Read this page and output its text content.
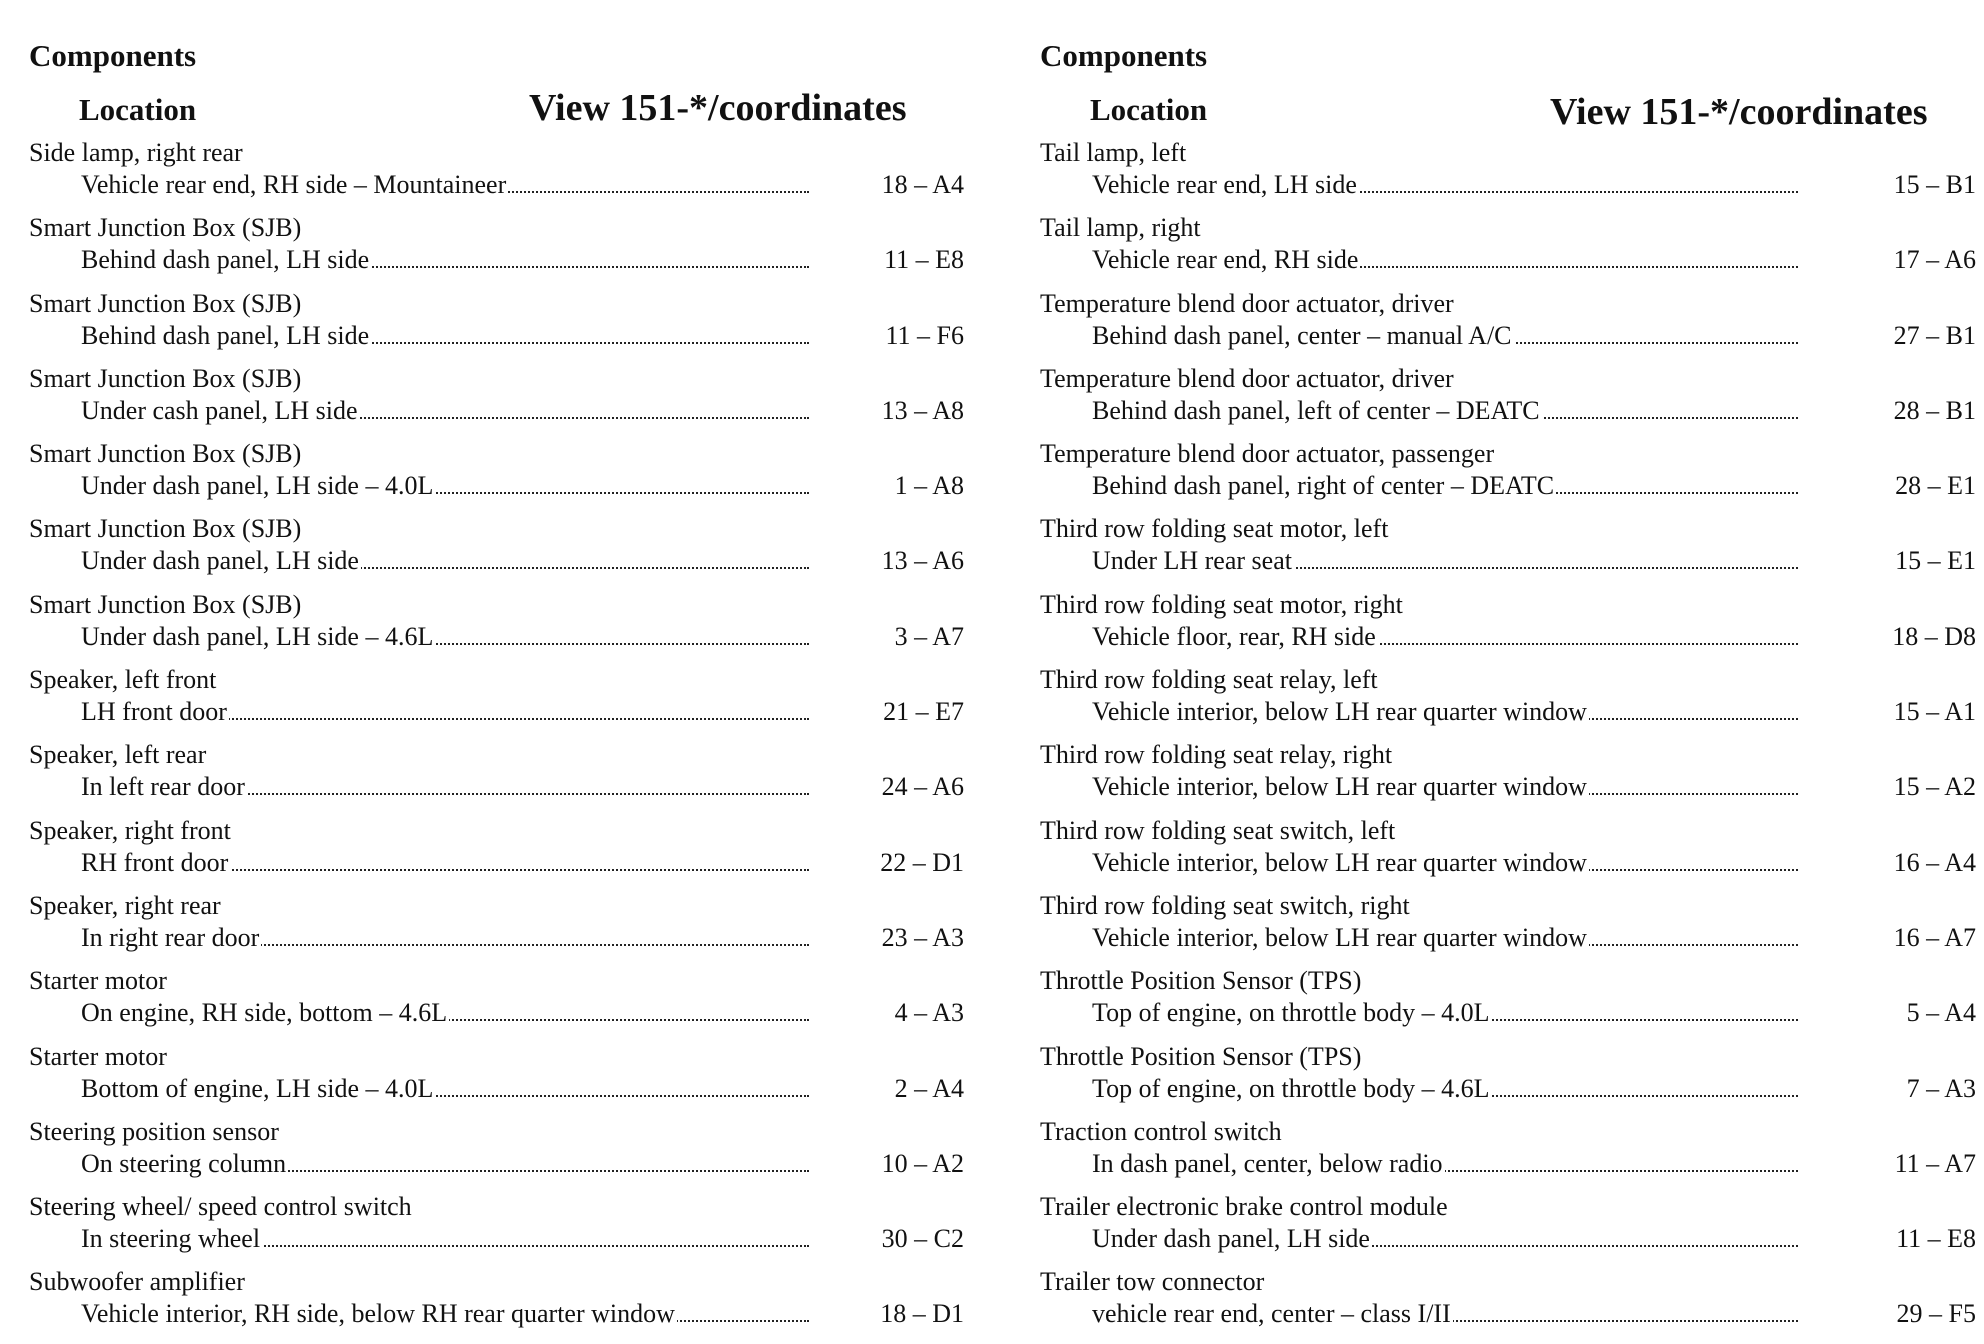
Components
Location	View 151-*/coordinates
Side lamp, right rear
Vehicle rear end, RH side – Mountaineer	18 – A4
Smart Junction Box (SJB)
Behind dash panel, LH side	11 – E8
Smart Junction Box (SJB)
Behind dash panel, LH side	11 – F6
Smart Junction Box (SJB)
Under cash panel, LH side	13 – A8
Smart Junction Box (SJB)
Under dash panel, LH side – 4.0L	1 – A8
Smart Junction Box (SJB)
Under dash panel, LH side	13 – A6
Smart Junction Box (SJB)
Under dash panel, LH side – 4.6L	3 – A7
Speaker, left front
LH front door	21 – E7
Speaker, left rear
In left rear door	24 – A6
Speaker, right front
RH front door	22 – D1
Speaker, right rear
In right rear door	23 – A3
Starter motor
On engine, RH side, bottom – 4.6L	4 – A3
Starter motor
Bottom of engine, LH side – 4.0L	2 – A4
Steering position sensor
On steering column	10 – A2
Steering wheel/ speed control switch
In steering wheel	30 – C2
Subwoofer amplifier
Vehicle interior, RH side, below RH rear quarter window	18 – D1
Components
Location	View 151-*/coordinates
Tail lamp, left
Vehicle rear end, LH side	15 – B1
Tail lamp, right
Vehicle rear end, RH side	17 – A6
Temperature blend door actuator, driver
Behind dash panel, center – manual A/C	27 – B1
Temperature blend door actuator, driver
Behind dash panel, left of center – DEATC	28 – B1
Temperature blend door actuator, passenger
Behind dash panel, right of center – DEATC	28 – E1
Third row folding seat motor, left
Under LH rear seat	15 – E1
Third row folding seat motor, right
Vehicle floor, rear, RH side	18 – D8
Third row folding seat relay, left
Vehicle interior, below LH rear quarter window	15 – A1
Third row folding seat relay, right
Vehicle interior, below LH rear quarter window	15 – A2
Third row folding seat switch, left
Vehicle interior, below LH rear quarter window	16 – A4
Third row folding seat switch, right
Vehicle interior, below LH rear quarter window	16 – A7
Throttle Position Sensor (TPS)
Top of engine, on throttle body – 4.0L	5 – A4
Throttle Position Sensor (TPS)
Top of engine, on throttle body – 4.6L	7 – A3
Traction control switch
In dash panel, center, below radio	11 – A7
Trailer electronic brake control module
Under dash panel, LH side	11 – E8
Trailer tow connector
vehicle rear end, center – class I/II	29 – F5
